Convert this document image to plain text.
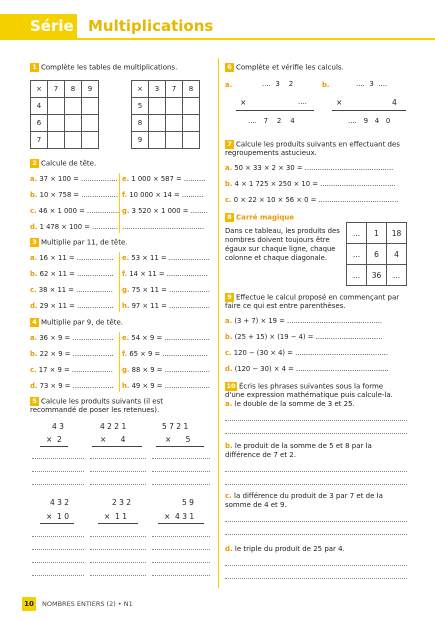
Série 1
Multiplications
1 Complète les tables de multiplications.
×	7	8	9
4			
6			
7			
×	3	7	8
5			
8			
9			
2 Calcule de tête.
a. 37 × 100 = ................. e. 1 000 × 587 = ..........
b. 10 × 758 = ................. f. 10 000 × 14 = ..........
c. 46 × 1 000 = ............... g. 3 520 × 1 000 = ........
d. 1 478 × 100 = ............ ......................................
3 Multiplie par 11, de tête.
a. 16 × 11 = ................. e. 53 × 11 = ...................
b. 62 × 11 = ................. f. 14 × 11 = ...................
c. 38 × 11 = ................. g. 75 × 11 = ...................
d. 29 × 11 = ................. h. 97 × 11 = ...................
4 Multiplie par 9, de tête.
a. 36 × 9 = ................... e. 54 × 9 = .....................
b. 22 × 9 = ................... f. 65 × 9 = .....................
c. 17 × 9 = ................... g. 88 × 9 = .....................
d. 73 × 9 = ................... h. 49 × 9 = .....................
5 Calcule les produits suivants (il est
recommandé de poser les retenues).
4 3
×  2
4 2 2 1
×      4
5 7 2 1
×      5
4 3 2
×  1 0
2 3 2
×  1 1
5 9
×  4 3 1
6 Complète et vérifie les calculs.
a.	....  3    2
×	....
....   7    2    4
b.	....  3  ....
×	4
....   9   4   0
7 Calcule les produits suivants en effectuant des
regroupements astucieux.
a. 50 × 33 × 2 × 30 = .........................................
b. 4 × 1 725 × 250 × 10 = ...................................
c. 0 × 22 × 10 × 56 × 0 = .....................................
8 Carré magique
Dans ce tableau, les produits des
nombres doivent toujours être
égaux sur chaque ligne, chaque
colonne et chaque diagonale.
...	1	18
...	6	4
...	36	...
9 Effectue le calcul proposé en commençant par
faire ce qui est entre parenthèses.
a. (3 + 7) × 19 = ............................................
b. (25 + 15) × (19 − 4) = ...............................
c. 120 − (30 × 4) = ...........................................
d. (120 − 30) × 4 = ...........................................
10 Écris les phrases suivantes sous la forme
d'une expression mathématique puis calcule-la.
a. le double de la somme de 3 et 25.
b. le produit de la somme de 5 et 8 par la
différence de 7 et 2.
c. la différence du produit de 3 par 7 et de la
somme de 4 et 9.
d. le triple du produit de 25 par 4.
10	NOMBRES ENTIERS (2) • N1
